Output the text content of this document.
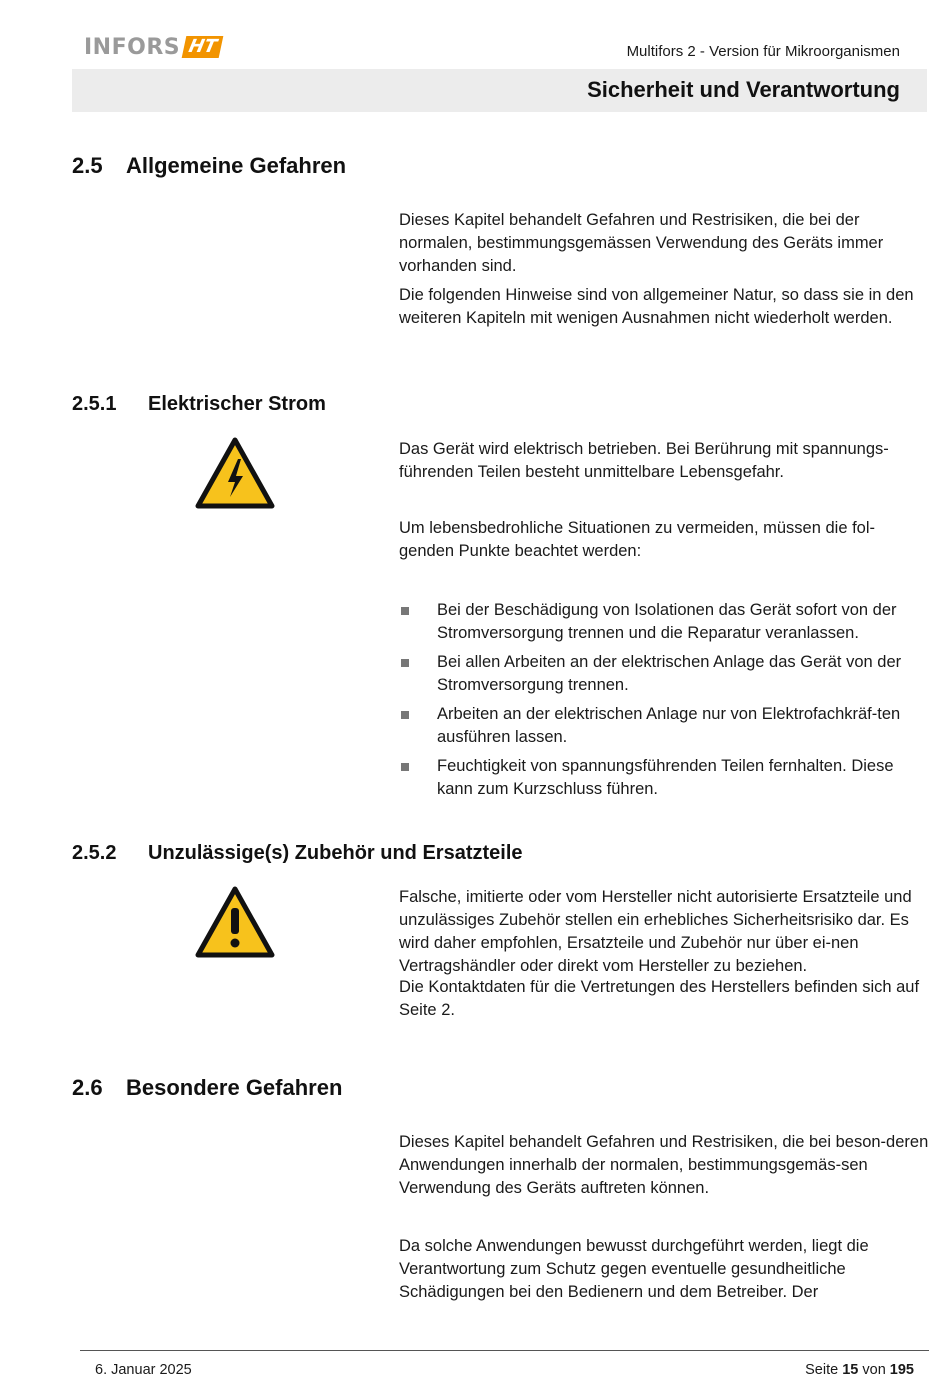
INFORS HT	Multifors 2 - Version für Mikroorganismen
Sicherheit und Verantwortung
2.5 Allgemeine Gefahren

Dieses Kapitel behandelt Gefahren und Restrisiken, die bei der normalen, bestimmungsgemässen Verwendung des Geräts immer vorhanden sind.

Die folgenden Hinweise sind von allgemeiner Natur, so dass sie in den weiteren Kapiteln mit wenigen Ausnahmen nicht wiederholt werden.

2.5.1 Elektrischer Strom

Das Gerät wird elektrisch betrieben. Bei Berührung mit spannungs-führenden Teilen besteht unmittelbare Lebensgefahr.

Um lebensbedrohliche Situationen zu vermeiden, müssen die fol-genden Punkte beachtet werden:

Bei der Beschädigung von Isolationen das Gerät sofort von der Stromversorgung trennen und die Reparatur veranlassen.
Bei allen Arbeiten an der elektrischen Anlage das Gerät von der Stromversorgung trennen.
Arbeiten an der elektrischen Anlage nur von Elektrofachkräf-ten ausführen lassen.
Feuchtigkeit von spannungsführenden Teilen fernhalten. Diese kann zum Kurzschluss führen.
2.5.2 Unzulässige(s) Zubehör und Ersatzteile

Falsche, imitierte oder vom Hersteller nicht autorisierte Ersatzteile und unzulässiges Zubehör stellen ein erhebliches Sicherheitsrisiko dar. Es wird daher empfohlen, Ersatzteile und Zubehör nur über ei-nen Vertragshändler oder direkt vom Hersteller zu beziehen.

Die Kontaktdaten für die Vertretungen des Herstellers befinden sich auf Seite 2.

2.6 Besondere Gefahren

Dieses Kapitel behandelt Gefahren und Restrisiken, die bei beson-deren Anwendungen innerhalb der normalen, bestimmungsgemäs-sen Verwendung des Geräts auftreten können.

Da solche Anwendungen bewusst durchgeführt werden, liegt die Verantwortung zum Schutz gegen eventuelle gesundheitliche Schädigungen bei den Bedienern und dem Betreiber. Der

6. Januar 2025	Seite 15 von 195
